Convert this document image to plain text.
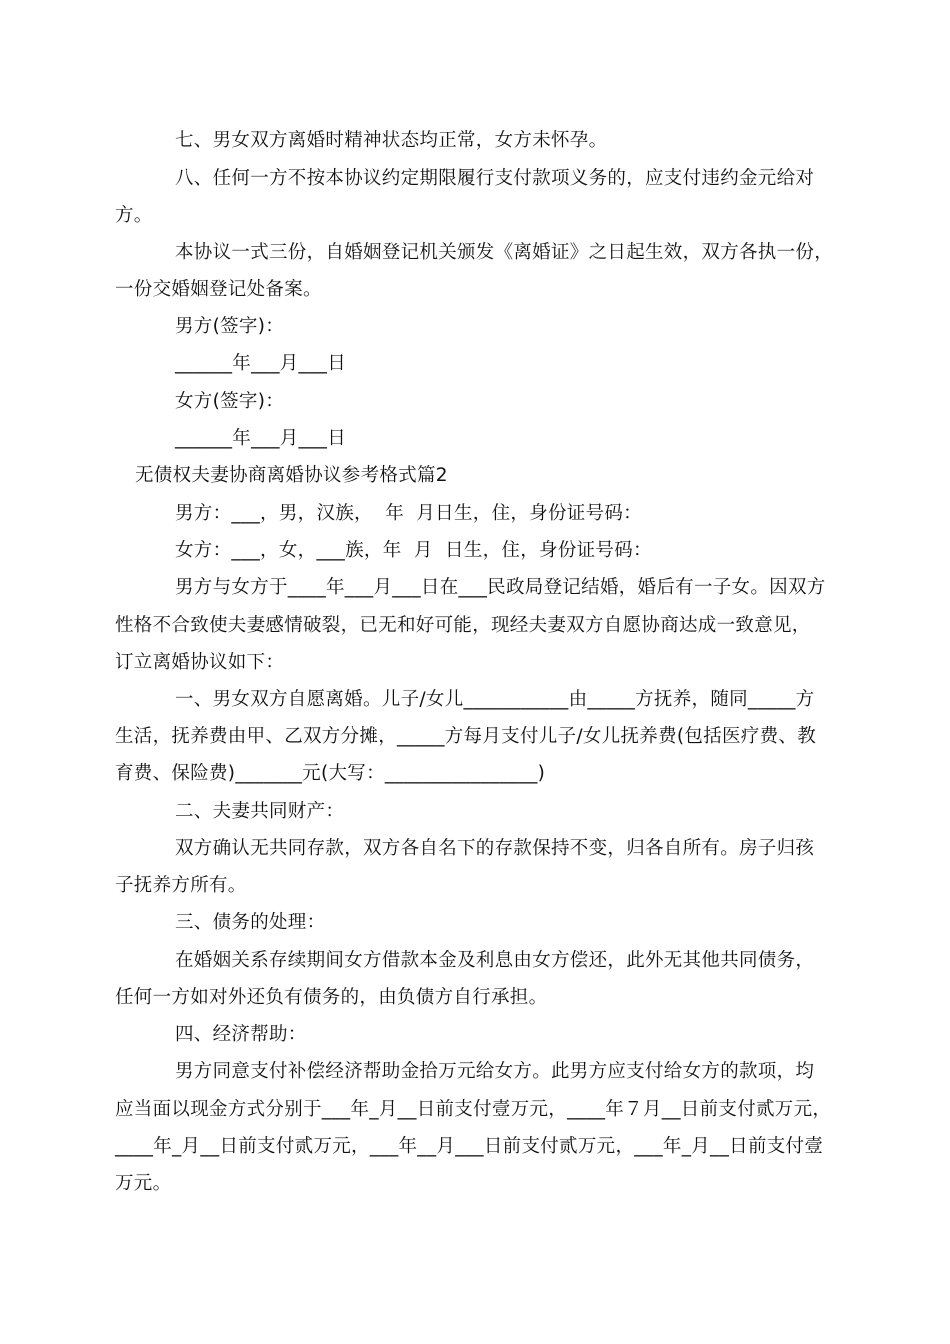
七、男女双方离婚时精神状态均正常，女方未怀孕。
八、任何一方不按本协议约定期限履行支付款项义务的，应支付违约金元给对
方。
本协议一式三份，自婚姻登记机关颁发《离婚证》之日起生效，双方各执一份，
一份交婚姻登记处备案。
男方(签字)：
______年___月___日
女方(签字)：
______年___月___日
无债权夫妻协商离婚协议参考格式篇2
男方：___，男，汉族，  年  月日生，住，身份证号码：
女方：___，女，___族，年  月  日生，住，身份证号码：
男方与女方于____年___月___日在___民政局登记结婚，婚后有一子女。因双方
性格不合致使夫妻感情破裂，已无和好可能，现经夫妻双方自愿协商达成一致意见，
订立离婚协议如下：
一、男女双方自愿离婚。儿子/女儿___________由_____方抚养，随同_____方
生活，抚养费由甲、乙双方分摊，_____方每月支付儿子/女儿抚养费(包括医疗费、教
育费、保险费)_______元(大写：________________)
二、夫妻共同财产：
双方确认无共同存款，双方各自名下的存款保持不变，归各自所有。房子归孩
子抚养方所有。
三、债务的处理：
在婚姻关系存续期间女方借款本金及利息由女方偿还，此外无其他共同债务，
任何一方如对外还负有债务的，由负债方自行承担。
四、经济帮助：
男方同意支付补偿经济帮助金拾万元给女方。此男方应支付给女方的款项，均
应当面以现金方式分别于___年_月__日前支付壹万元，____年７月__日前支付贰万元，
____年_月__日前支付贰万元，___年__月___日前支付贰万元，___年_月__日前支付壹
万元。
